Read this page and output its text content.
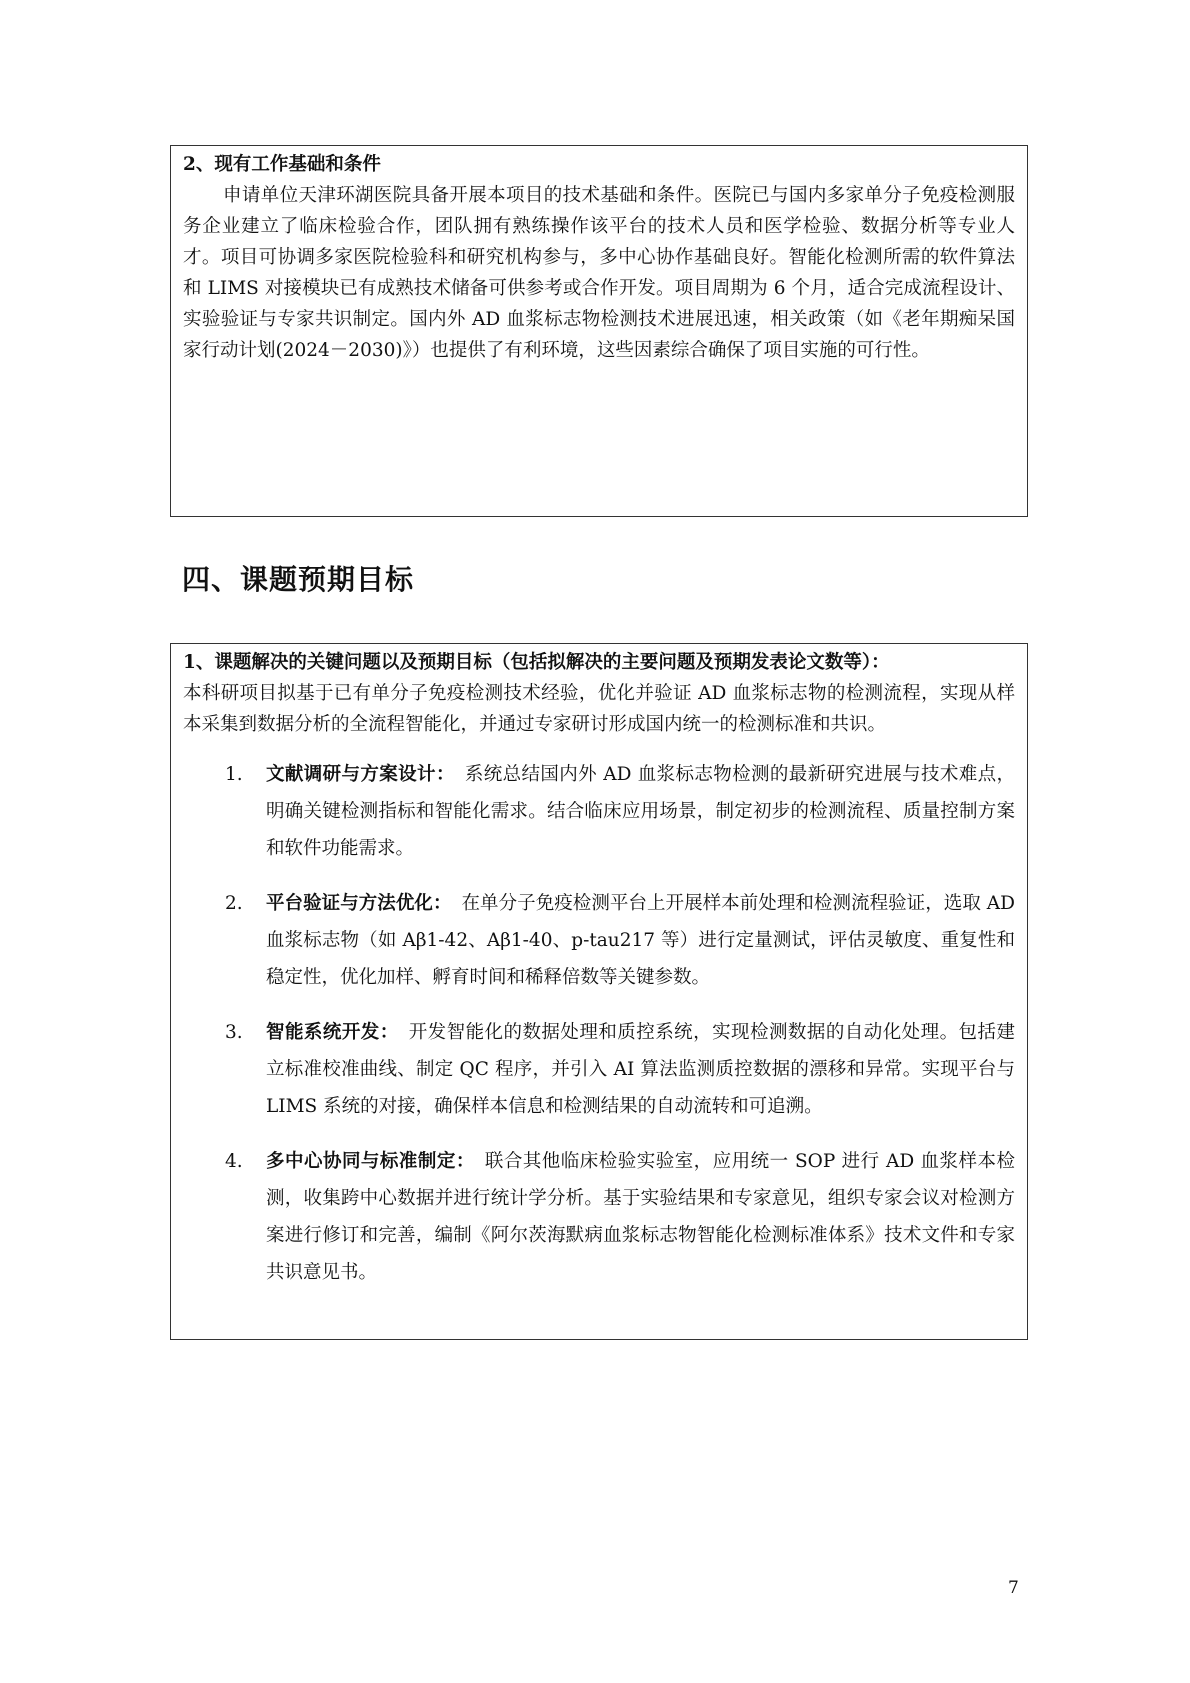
2、现有工作基础和条件

申请单位天津环湖医院具备开展本项目的技术基础和条件。医院已与国内多家单分子免疫检测服务企业建立了临床检验合作，团队拥有熟练操作该平台的技术人员和医学检验、数据分析等专业人才。项目可协调多家医院检验科和研究机构参与，多中心协作基础良好。智能化检测所需的软件算法和 LIMS 对接模块已有成熟技术储备可供参考或合作开发。项目周期为 6 个月，适合完成流程设计、实验验证与专家共识制定。国内外 AD 血浆标志物检测技术进展迅速，相关政策（如《老年期痴呆国家行动计划(2024－2030)》）也提供了有利环境，这些因素综合确保了项目实施的可行性。

四、课题预期目标

1、课题解决的关键问题以及预期目标（包括拟解决的主要问题及预期发表论文数等）：

本科研项目拟基于已有单分子免疫检测技术经验，优化并验证 AD 血浆标志物的检测流程，实现从样本采集到数据分析的全流程智能化，并通过专家研讨形成国内统一的检测标准和共识。

1. 文献调研与方案设计： 系统总结国内外 AD 血浆标志物检测的最新研究进展与技术难点，明确关键检测指标和智能化需求。结合临床应用场景，制定初步的检测流程、质量控制方案和软件功能需求。
2. 平台验证与方法优化： 在单分子免疫检测平台上开展样本前处理和检测流程验证，选取 AD 血浆标志物（如 Aβ1-42、Aβ1-40、p-tau217 等）进行定量测试，评估灵敏度、重复性和稳定性，优化加样、孵育时间和稀释倍数等关键参数。
3. 智能系统开发： 开发智能化的数据处理和质控系统，实现检测数据的自动化处理。包括建立标准校准曲线、制定 QC 程序，并引入 AI 算法监测质控数据的漂移和异常。实现平台与 LIMS 系统的对接，确保样本信息和检测结果的自动流转和可追溯。
4. 多中心协同与标准制定： 联合其他临床检验实验室，应用统一 SOP 进行 AD 血浆样本检测，收集跨中心数据并进行统计学分析。基于实验结果和专家意见，组织专家会议对检测方案进行修订和完善，编制《阿尔茨海默病血浆标志物智能化检测标准体系》技术文件和专家共识意见书。
7
